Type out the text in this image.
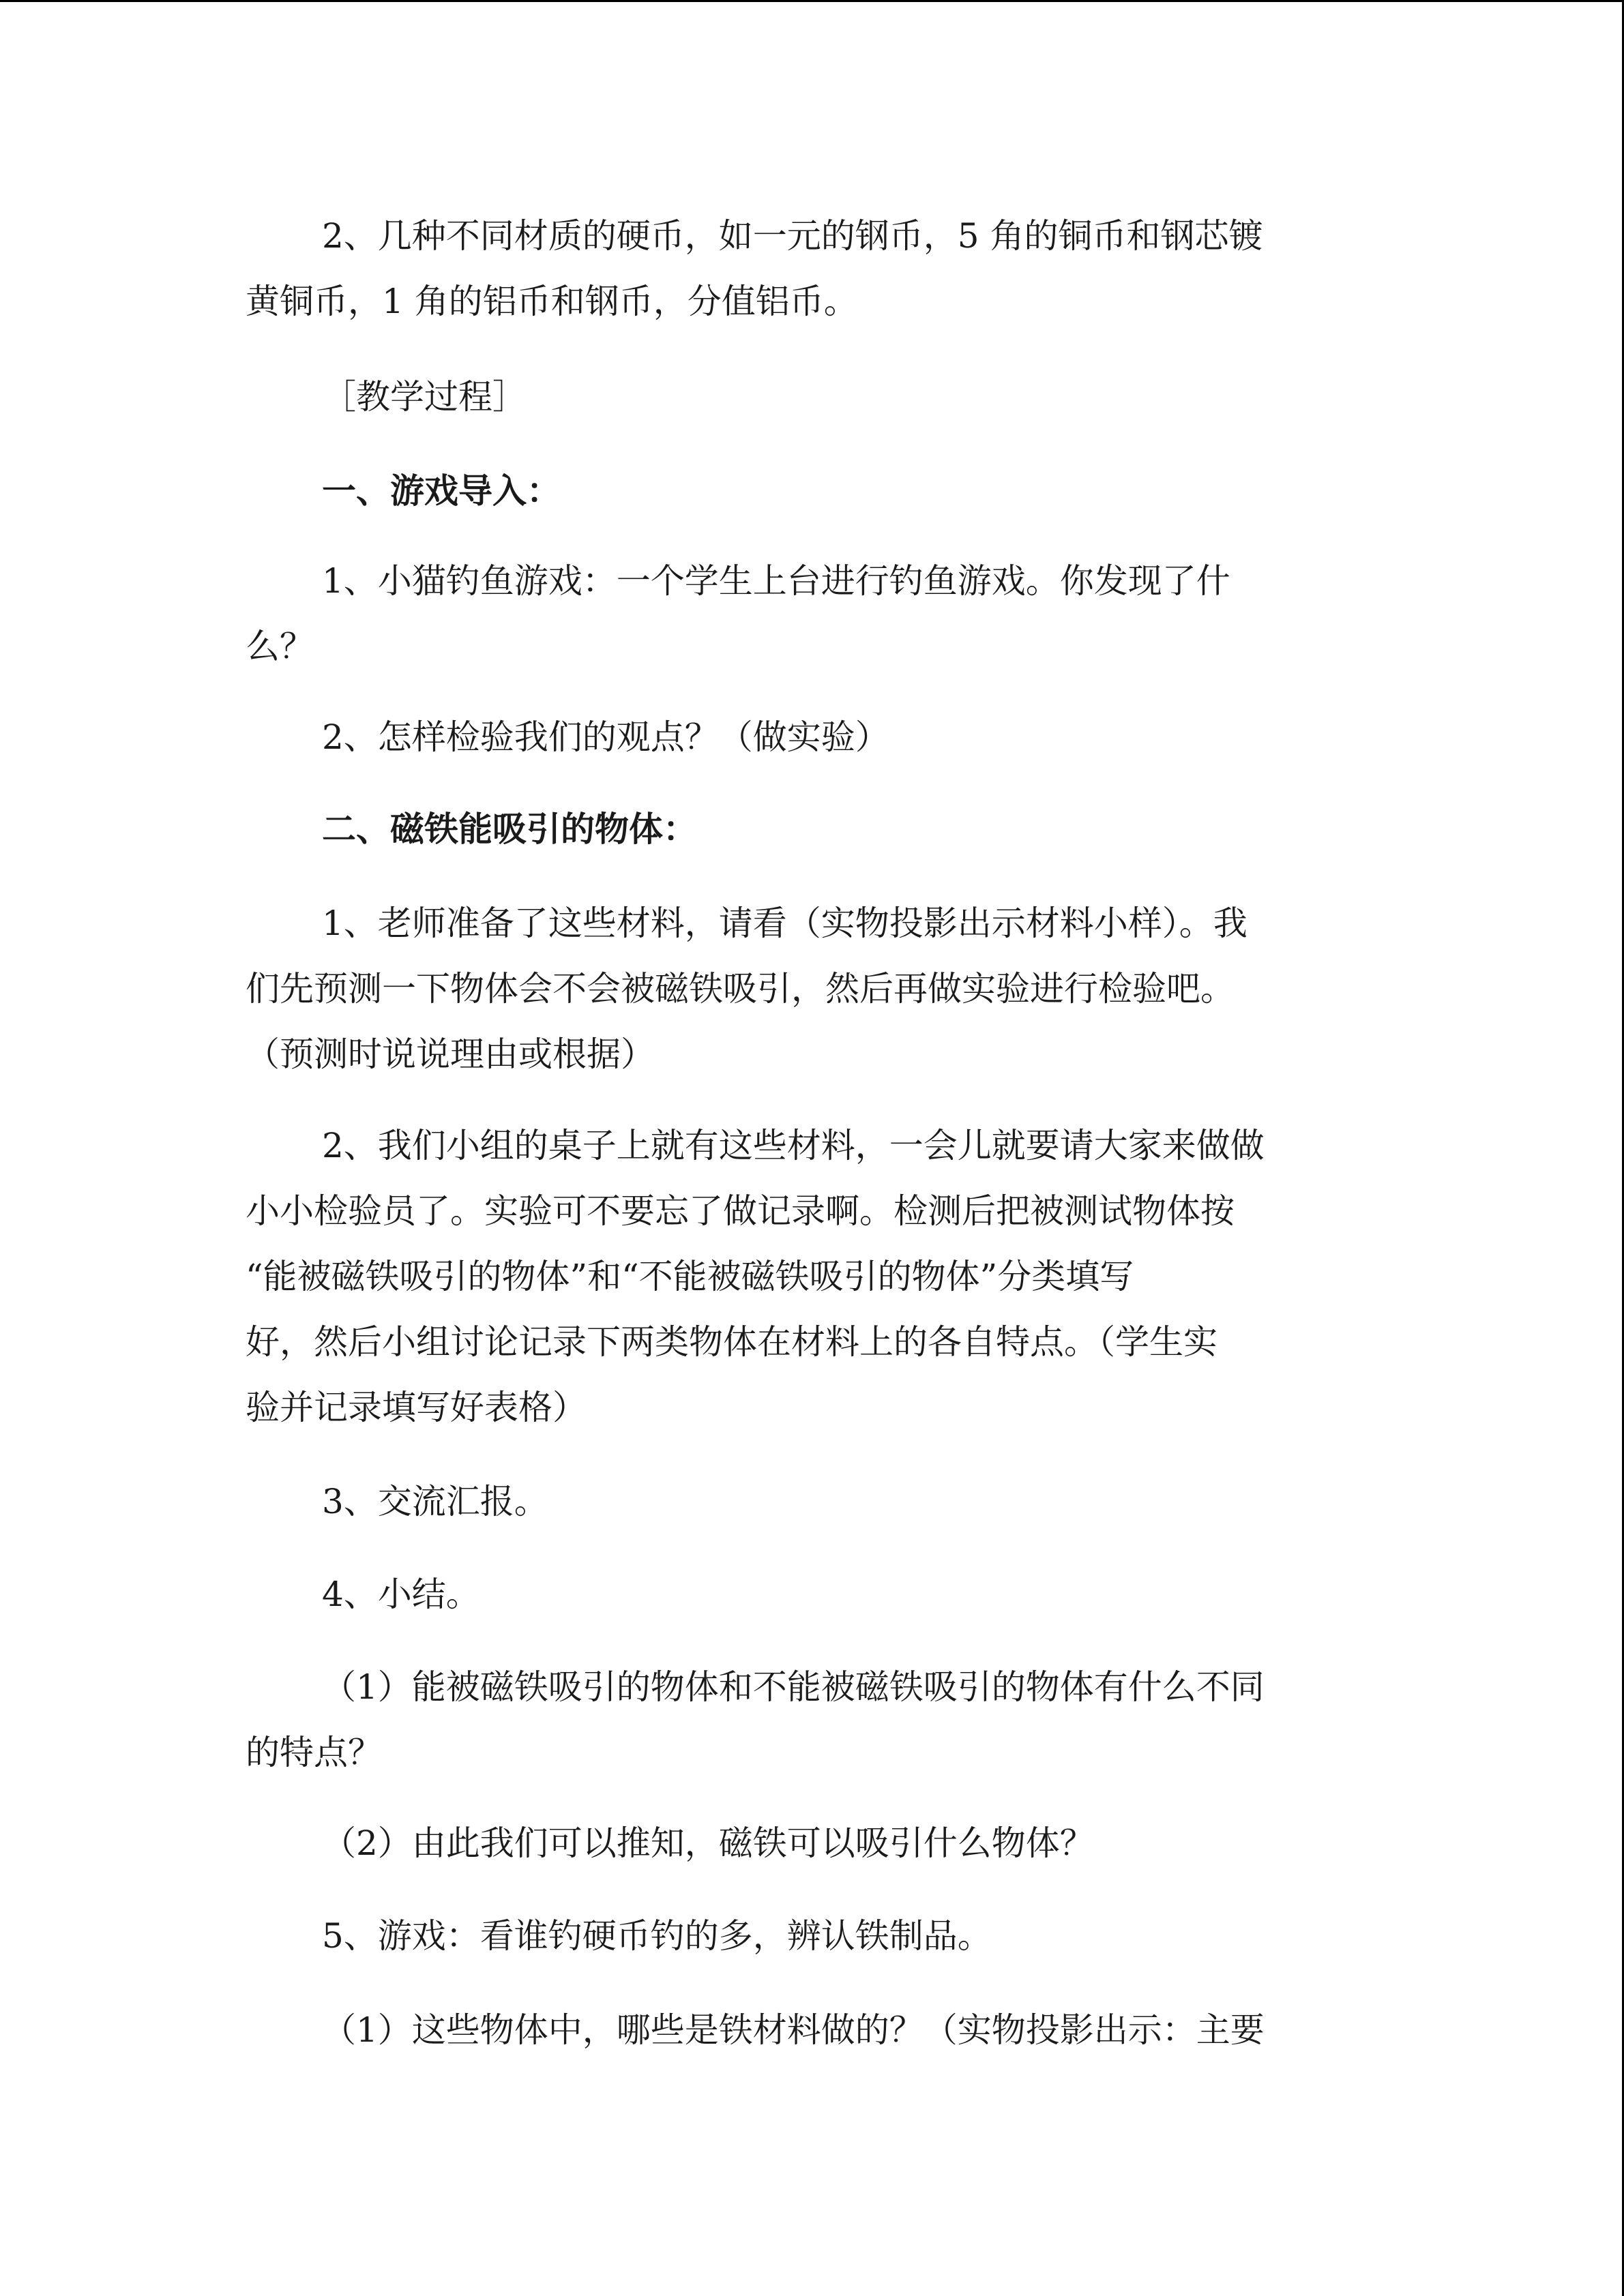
2、几种不同材质的硬币，如一元的钢币，5 角的铜币和钢芯镀
黄铜币，1 角的铝币和钢币，分值铝币。
［教学过程］
一、游戏导入：
1、小猫钓鱼游戏：一个学生上台进行钓鱼游戏。你发现了什
么？
2、怎样检验我们的观点？（做实验）
二、磁铁能吸引的物体：
1、老师准备了这些材料，请看（实物投影出示材料小样）。我
们先预测一下物体会不会被磁铁吸引，然后再做实验进行检验吧。
（预测时说说理由或根据）
2、我们小组的桌子上就有这些材料，一会儿就要请大家来做做
小小检验员了。实验可不要忘了做记录啊。检测后把被测试物体按
“能被磁铁吸引的物体”和“不能被磁铁吸引的物体”分类填写
好，然后小组讨论记录下两类物体在材料上的各自特点。（学生实
验并记录填写好表格）
3、交流汇报。
4、小结。
（1）能被磁铁吸引的物体和不能被磁铁吸引的物体有什么不同
的特点？
（2）由此我们可以推知，磁铁可以吸引什么物体？
5、游戏：看谁钓硬币钓的多，辨认铁制品。
（1）这些物体中，哪些是铁材料做的？（实物投影出示：主要
